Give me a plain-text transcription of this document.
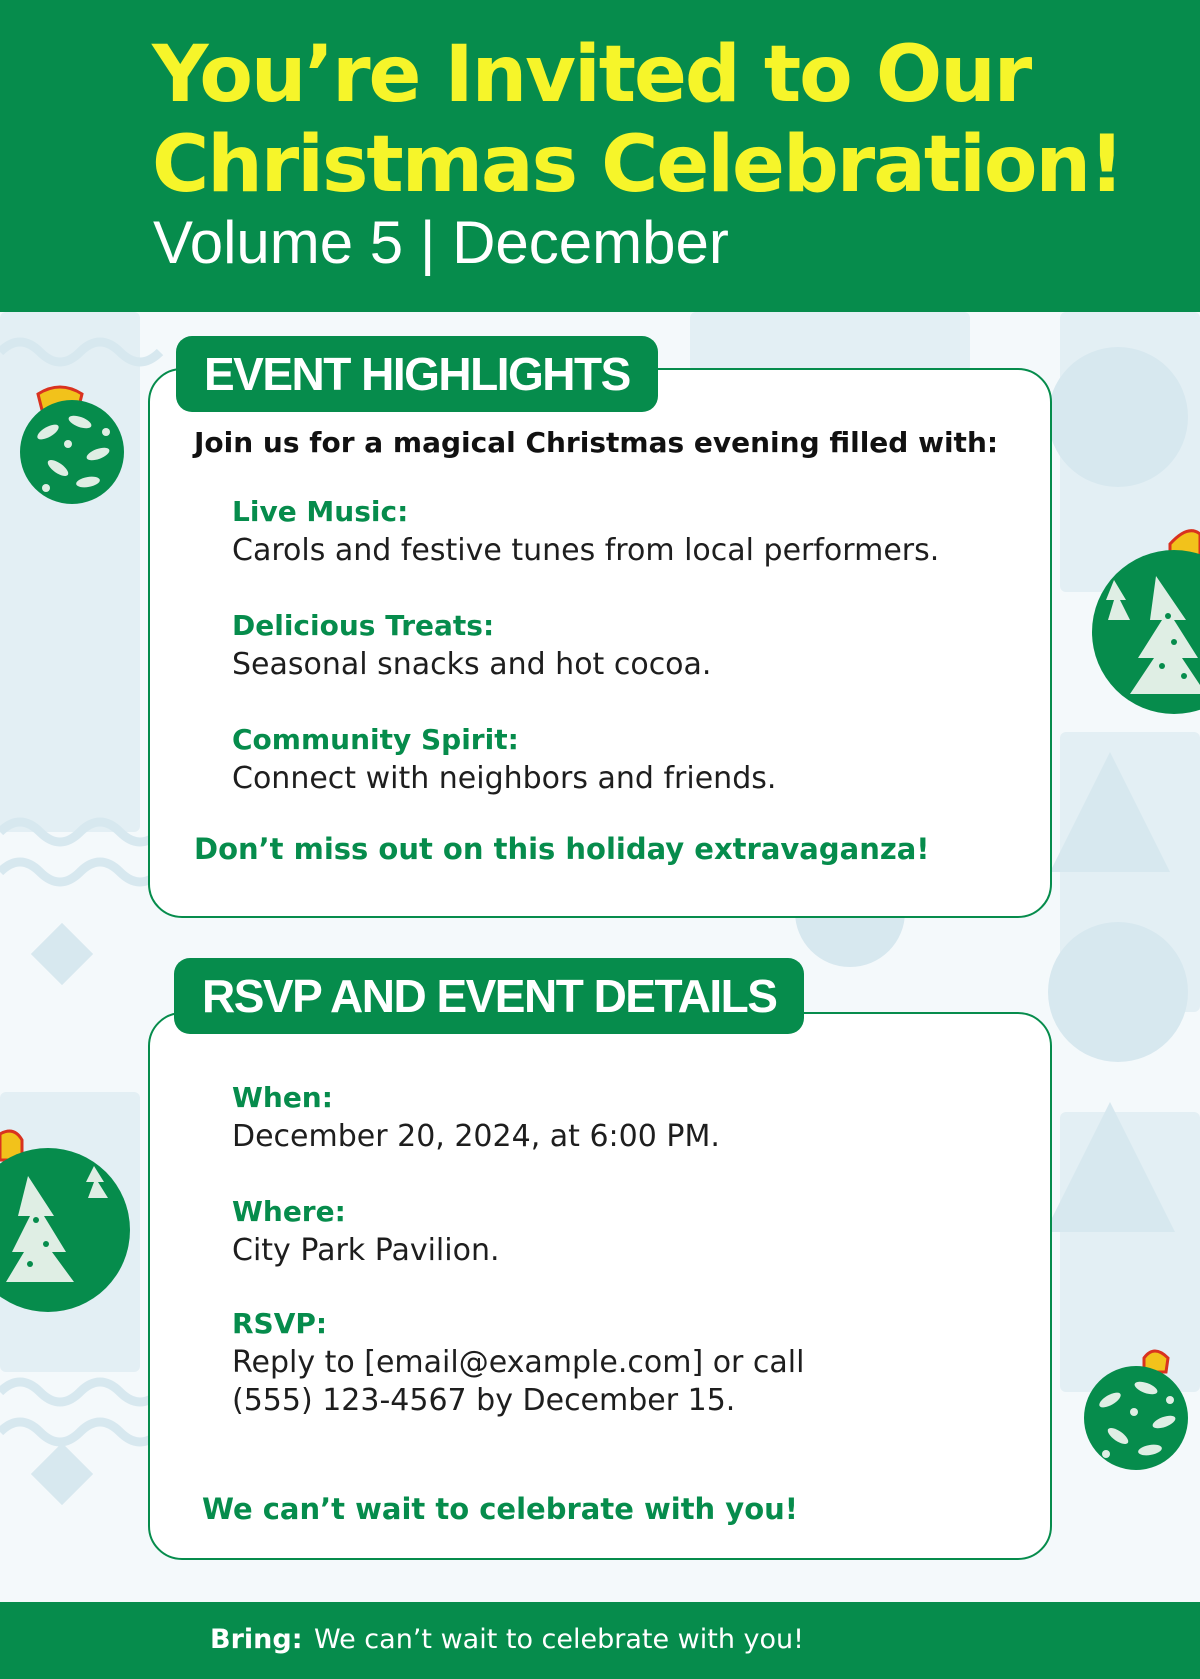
You’re Invited to Our
Christmas Celebration!
Volume 5 | December
EVENT HIGHLIGHTS
Join us for a magical Christmas evening filled with:
Live Music:
Carols and festive tunes from local performers.
Delicious Treats:
Seasonal snacks and hot cocoa.
Community Spirit:
Connect with neighbors and friends.
Don’t miss out on this holiday extravaganza!
RSVP AND EVENT DETAILS
When:
December 20, 2024, at 6:00 PM.
Where:
City Park Pavilion.
RSVP:
Reply to [email@example.com] or call
(555) 123-4567 by December 15.
We can’t wait to celebrate with you!
Bring: We can’t wait to celebrate with you!
